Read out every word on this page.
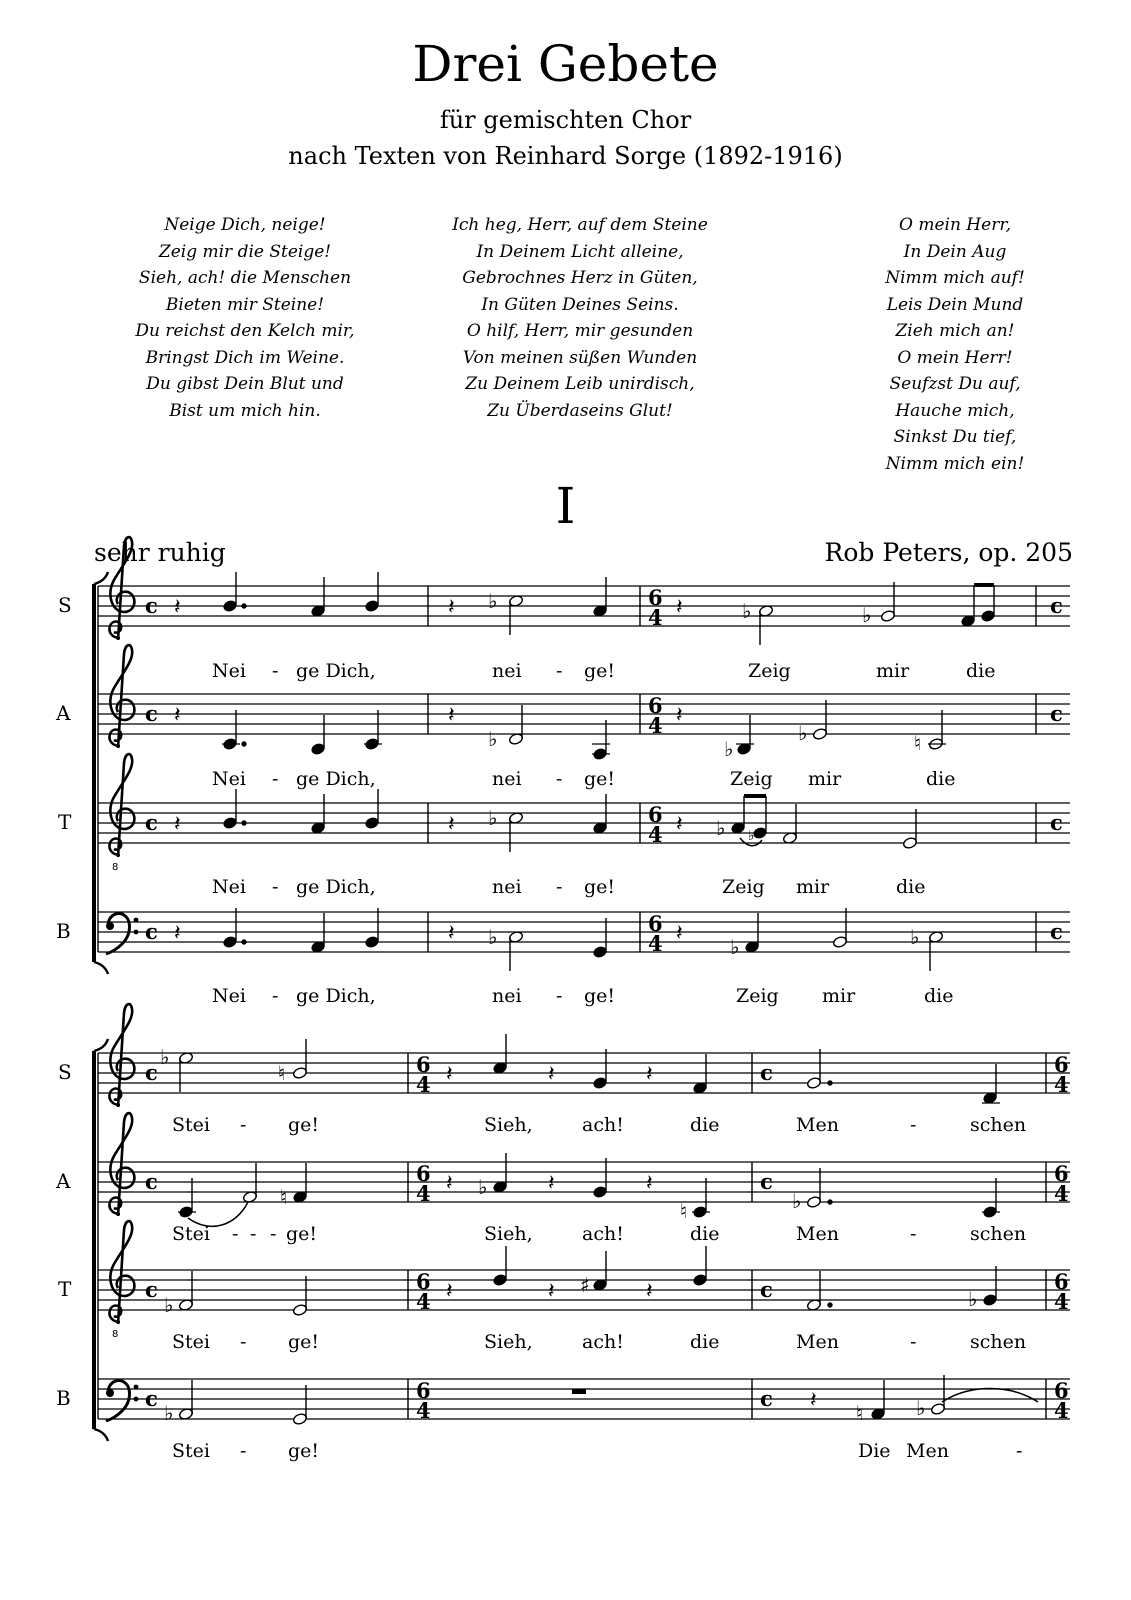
Drei Gebete
für gemischten Chor
nach Texten von Reinhard Sorge (1892-1916)
Neige Dich, neige!
Zeig mir die Steige!
Sieh, ach! die Menschen
Bieten mir Steine!
Du reichst den Kelch mir,
Bringst Dich im Weine.
Du gibst Dein Blut und
Bist um mich hin.
Ich heg, Herr, auf dem Steine
In Deinem Licht alleine,
Gebrochnes Herz in Güten,
In Güten Deines Seins.
O hilf, Herr, mir gesunden
Von meinen süßen Wunden
Zu Deinem Leib unirdisch,
Zu Überdaseins Glut!
O mein Herr,
In Dein Aug
Nimm mich auf!
Leis Dein Mund
Zieh mich an!
O mein Herr!
Seufzst Du auf,
Hauche mich,
Sinkst Du tief,
Nimm mich ein!
I
sehr ruhig	Rob Peters, op. 205
8
S
A
T
B
c
c
c
c
6
4
6
4
6
4
6
4
c
c
c
c
𝄽	𝄽	𝄽
𝄽	𝄽	𝄽
𝄽	𝄽	𝄽
𝄽	𝄽	𝄽
♭	♭	♭
♭	♭
♭	♮
♭	♭ ♭
♭	♭	♭
Nei - ge Dich,	nei - ge!	Zeig	mir	die
Nei - ge Dich,	nei - ge!	Zeig mir	die
Nei - ge Dich,	nei - ge!	Zeig mir	die
Nei - ge Dich,	nei - ge!	Zeig mir	die
8
S
A
T
B
c
c
c
c
6
4
6
4
6
4
6
4
c
c
c
c
6
4
6
4
6
4
6
4
𝄽	𝄽	𝄽
𝄽	𝄽	𝄽
𝄽	𝄽	𝄽
𝄽
♭
♮
♮	♭
♮	♭
♭
♯
♭
♭	♮	♭
Stei - ge!	Sieh,	ach!	die	Men	-	schen
Stei - - - ge!	Sieh,	ach!	die	Men	-	schen
Stei - ge!	Sieh,	ach!	die	Men	-	schen
Stei - ge!	Die Men	-
